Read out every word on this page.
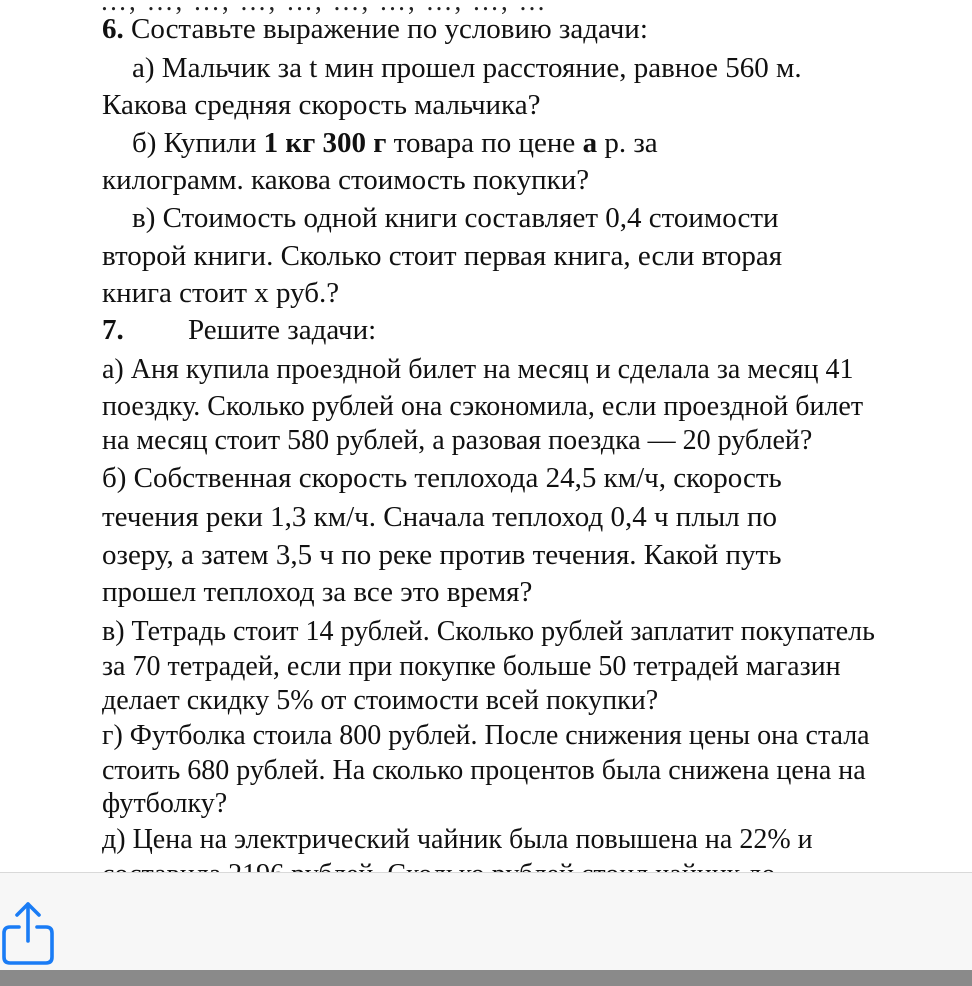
…, …, …, …, …, …, …, …, …, …
6. Составьте выражение по условию задачи:
а) Мальчик за t мин прошел расстояние, равное 560 м.
Какова средняя скорость мальчика?
б) Купили 1 кг 300 г товара по цене а р. за
килограмм. какова стоимость покупки?
в) Стоимость одной книги составляет 0,4 стоимости
второй книги. Сколько стоит первая книга, если вторая
книга стоит х руб.?
7. Решите задачи:
а) Аня купила проездной билет на месяц и сделала за месяц 41
поездку. Сколько рублей она сэкономила, если проездной билет
на месяц стоит 580 рублей, а разовая поездка — 20 рублей?
б) Собственная скорость теплохода 24,5 км/ч, скорость
течения реки 1,3 км/ч. Сначала теплоход 0,4 ч плыл по
озеру, а затем 3,5 ч по реке против течения. Какой путь
прошел теплоход за все это время?
в) Тетрадь стоит 14 рублей. Сколько рублей заплатит покупатель
за 70 тетрадей, если при покупке больше 50 тетрадей магазин
делает скидку 5% от стоимости всей покупки?
г) Футболка стоила 800 рублей. После снижения цены она стала
стоить 680 рублей. На сколько процентов была снижена цена на
футболку?
д) Цена на электрический чайник была повышена на 22% и
